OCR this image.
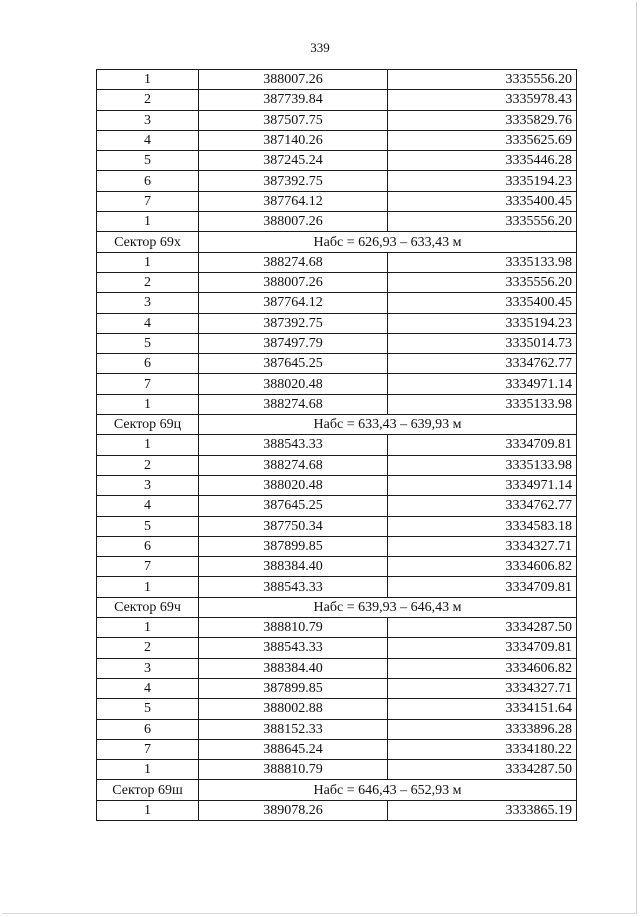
339
1	388007.26	3335556.20
2	387739.84	3335978.43
3	387507.75	3335829.76
4	387140.26	3335625.69
5	387245.24	3335446.28
6	387392.75	3335194.23
7	387764.12	3335400.45
1	388007.26	3335556.20
Сектор 69х	Набс = 626,93 – 633,43 м	
1	388274.68	3335133.98
2	388007.26	3335556.20
3	387764.12	3335400.45
4	387392.75	3335194.23
5	387497.79	3335014.73
6	387645.25	3334762.77
7	388020.48	3334971.14
1	388274.68	3335133.98
Сектор 69ц	Набс = 633,43 – 639,93 м	
1	388543.33	3334709.81
2	388274.68	3335133.98
3	388020.48	3334971.14
4	387645.25	3334762.77
5	387750.34	3334583.18
6	387899.85	3334327.71
7	388384.40	3334606.82
1	388543.33	3334709.81
Сектор 69ч	Набс = 639,93 – 646,43 м	
1	388810.79	3334287.50
2	388543.33	3334709.81
3	388384.40	3334606.82
4	387899.85	3334327.71
5	388002.88	3334151.64
6	388152.33	3333896.28
7	388645.24	3334180.22
1	388810.79	3334287.50
Сектор 69ш	Набс = 646,43 – 652,93 м	
1	389078.26	3333865.19
